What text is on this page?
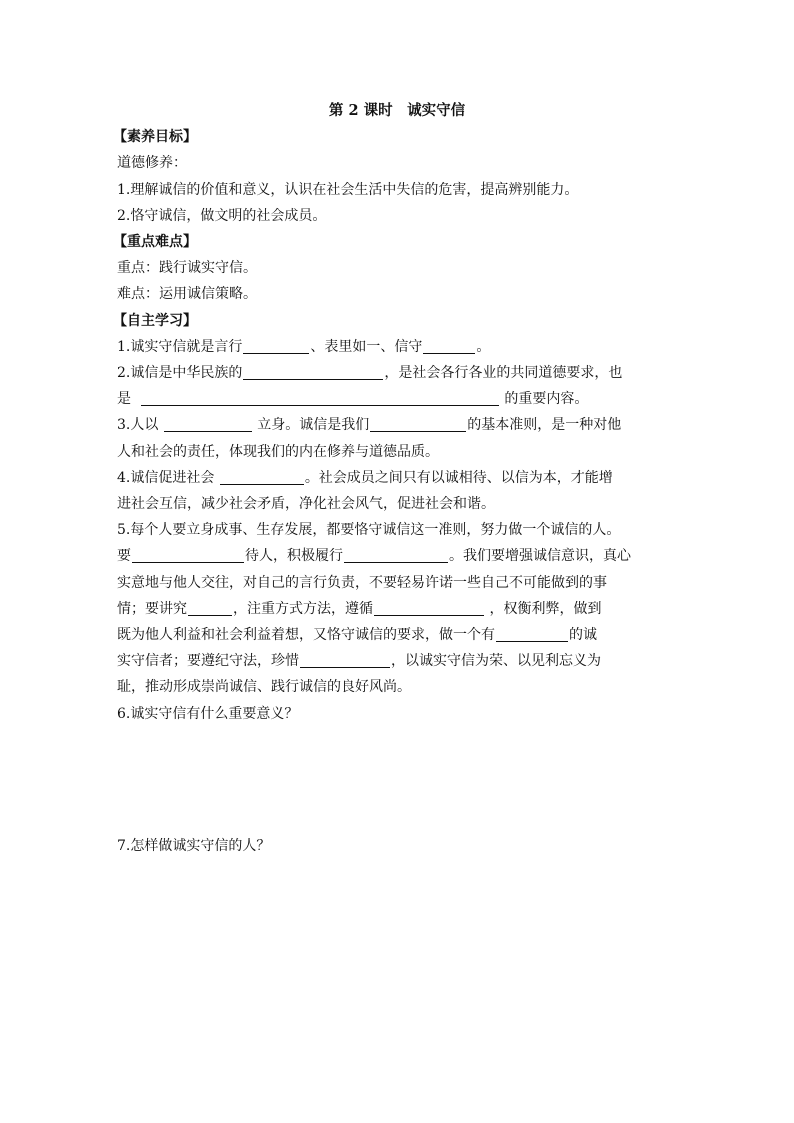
第 2 课时　诚实守信
【素养目标】
道德修养：
1.理解诚信的价值和意义，认识在社会生活中失信的危害，提高辨别能力。
2.恪守诚信，做文明的社会成员。
【重点难点】
重点：践行诚实守信。
难点：运用诚信策略。
【自主学习】
1.诚实守信就是言行	、表里如一、信守	。
2.诚信是中华民族的	，是社会各行各业的共同道德要求，也
是	的重要内容。
3.人以	立身。诚信是我们	的基本准则，是一种对他
人和社会的责任，体现我们的内在修养与道德品质。
4.诚信促进社会	。社会成员之间只有以诚相待、以信为本，才能增
进社会互信，减少社会矛盾，净化社会风气，促进社会和谐。
5.每个人要立身成事、生存发展，都要恪守诚信这一准则，努力做一个诚信的人。
要	待人，积极履行	。我们要增强诚信意识，真心
实意地与他人交往，对自己的言行负责，不要轻易许诺一些自己不可能做到的事
情；要讲究	，注重方式方法，遵循	，权衡利弊，做到
既为他人利益和社会利益着想，又恪守诚信的要求，做一个有	的诚
实守信者；要遵纪守法，珍惜	，以诚实守信为荣、以见利忘义为
耻，推动形成崇尚诚信、践行诚信的良好风尚。
6.诚实守信有什么重要意义？
7.怎样做诚实守信的人？
